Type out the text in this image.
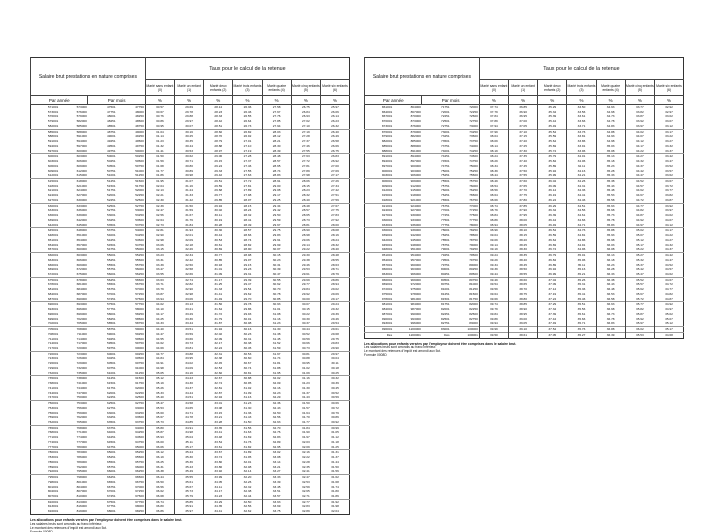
Salaire brut prestations en nature comprises				Taux pour le calcul de la retenue						
				Marié sans enfant (0)	Marié un enfant (1)	Marié deux enfants (2)	Marié trois enfants (3)	Marié quatre enfants (4)	Marié cinq enfants (5)	Marié six enfants (6)
Par année		Par mois		%	%	%	%	%	%	%
571001	573000	47501	47750	30.57	29.69	28.14	26.36	27.58	26.75	25.97
573001	576000	47751	48000	30.67	29.78	28.23	26.46	27.67	26.84	26.06
576001	579000	48001	48250	30.76	29.88	28.33	26.55	27.76	26.93	26.14
579001	582000	48251	48500	30.86	29.97	28.42	26.64	27.85	27.02	26.23
582001	585000	48501	48750	30.95	30.07	28.51	26.73	27.94	27.10	26.32
585001	588000	48751	49000	31.04	30.16	28.60	26.82	28.03	27.19	26.40
588001	591000	49001	49250	31.14	30.25	28.70	26.92	28.12	27.28	26.49
591001	594000	49251	49500	31.23	30.35	28.79	27.01	28.21	27.37	26.58
594001	597000	49501	49750	31.32	30.44	28.88	27.10	28.30	27.46	26.66
597001	600000	49751	50000	31.41	30.53	28.97	27.19	28.39	27.55	26.75
600001	603000	50001	50250	31.50	30.62	29.06	27.28	28.48	27.63	26.83
603001	606000	50251	50500	31.59	30.71	29.15	27.37	28.57	27.72	26.92
606001	609000	50501	50750	31.68	30.80	29.24	27.46	28.65	27.81	27.00
609001	612000	50751	51000	31.77	30.89	29.33	27.55	28.74	27.89	27.09
612001	615000	51001	51250	31.86	30.98	29.42	27.63	28.83	27.98	27.17
615001	618000	51251	51500	31.95	31.07	29.51	27.72	28.91	28.06	27.26
618001	621000	51501	51750	32.04	31.16	29.59	27.81	29.00	28.15	27.34
621001	624000	51751	52000	32.13	31.24	29.68	27.89	29.08	28.23	27.42
624001	627000	52001	52250	32.21	31.33	29.77	27.98	29.17	28.32	27.51
627001	630000	52251	52500	32.30	31.42	29.85	28.07	29.25	28.40	27.59
630001	633000	52501	52750	32.39	31.50	29.94	28.15	29.34	28.48	27.67
633001	636000	52751	53000	32.47	31.59	30.02	28.24	29.42	28.57	27.75
636001	639000	53001	53250	32.56	31.67	30.11	28.32	29.50	28.65	27.83
639001	642000	53251	53500	32.64	31.76	30.19	28.41	29.59	28.73	27.92
642001	645000	53501	53750	32.73	31.84	30.28	28.49	29.67	28.81	28.00
645001	648000	53751	54000	32.81	31.93	30.36	28.57	29.75	28.90	28.08
648001	651000	54001	54250	32.90	32.01	30.44	28.66	29.83	28.98	28.16
651001	654000	54251	54500	32.98	32.09	30.53	28.74	29.91	29.06	28.24
654001	657000	54501	54750	33.06	32.18	30.61	28.82	29.99	29.14	28.32
657001	660000	54751	55000	33.15	32.26	30.69	28.90	30.07	29.22	28.40
660001	663000	55001	55250	33.23	32.34	30.77	28.98	30.15	29.30	28.48
663001	666000	55251	55500	33.31	32.42	30.85	29.07	30.23	29.38	28.55
666001	669000	55501	55750	33.39	32.50	30.93	29.15	30.31	29.46	28.63
669001	672000	55751	56000	33.47	32.58	31.01	29.23	30.39	29.53	28.71
672001	675000	56001	56250	33.55	32.66	31.09	29.31	30.47	29.61	28.79
675001	678000	56251	56500	33.63	32.74	31.17	29.39	30.55	29.69	28.86
678001	681000	56501	56750	33.71	32.82	31.25	29.47	30.62	29.77	28.94
681001	684000	56751	57000	33.79	32.90	31.33	29.54	30.70	29.84	29.02
684001	687000	57001	57250	33.87	32.98	31.41	29.62	30.78	29.92	29.09
687001	690000	57251	57500	33.94	33.06	31.49	29.70	30.85	30.00	29.17
690001	693000	57501	57750	34.02	33.13	31.56	29.78	30.93	30.07	29.24
693001	696000	57751	58000	34.10	33.21	31.64	29.86	31.01	30.15	29.32
696001	699000	58001	58250	34.17	33.29	31.72	29.93	31.08	30.22	29.39
699001	702000	58251	58500	34.25	33.36	31.79	30.01	31.16	30.30	29.46
702001	705000	58501	58750	34.33	33.44	31.87	30.08	31.23	30.37	29.54
705001	708000	58751	59000	34.40	33.51	31.94	30.16	31.30	30.44	29.61
708001	711000	59001	59250	34.47	33.59	32.02	30.23	31.38	30.52	29.68
711001	714000	59251	59500	34.55	33.66	32.09	30.31	31.45	30.59	29.75
714001	717000	59501	59750	34.62	33.73	32.17	30.38	31.52	30.66	29.83
717001	720000	59751	60000	34.69	33.81	32.24	30.45	31.59	30.73	29.90
720001	723000	60001	60250	34.77	33.88	32.31	30.53	31.67	30.81	29.97
723001	726000	60251	60500	34.84	33.95	32.38	30.60	31.74	30.88	30.04
726001	729000	60501	60750	34.91	34.02	32.45	30.67	31.81	30.95	30.11
729001	732000	60751	61000	34.98	34.09	32.53	30.74	31.88	31.02	30.18
732001	735000	61001	61250	35.05	34.16	32.60	30.81	31.95	31.09	30.25
735001	738000	61251	61500	35.12	34.23	32.67	30.88	32.02	31.16	30.32
738001	741000	61501	61750	35.19	34.30	32.74	30.95	32.09	31.23	30.39
741001	744000	61751	62000	35.26	34.37	32.81	31.02	32.16	31.30	30.45
744001	747000	62001	62250	35.33	34.44	32.87	31.09	32.23	31.37	30.52
747001	750000	62251	62500	35.40	34.51	32.94	31.16	32.29	31.43	30.59
750001	753000	62501	62750	35.47	34.58	33.01	31.23	32.36	31.50	30.66
753001	756000	62751	63000	35.53	34.65	33.08	31.30	32.43	31.57	30.72
756001	759000	63001	63250	35.60	34.71	33.15	31.36	32.50	31.64	30.79
759001	762000	63251	63500	35.67	34.78	33.21	31.43	32.56	31.70	30.86
762001	765000	63501	63750	35.73	34.85	33.28	31.50	32.63	31.77	30.92
765001	768000	63751	64000	35.80	34.91	33.35	31.56	32.70	31.84	30.99
768001	771000	64001	64250	35.87	34.98	33.41	31.63	32.76	31.90	31.05
771001	774000	64251	64500	35.93	35.04	33.48	31.69	32.83	31.97	31.12
774001	777000	64501	64750	36.00	35.11	33.54	31.76	32.89	32.03	31.18
777001	780000	64751	65000	36.06	35.17	33.61	31.82	32.95	32.09	31.25
780001	783000	65001	65250	36.12	35.24	33.67	31.89	33.02	32.16	31.31
783001	786000	65251	65500	36.19	35.30	33.74	31.95	33.08	32.22	31.37
786001	789000	65501	65750	36.25	35.36	33.80	32.01	33.14	32.28	31.44
789001	792000	65751	66000	36.31	35.43	33.86	32.08	33.21	32.35	31.50
792001	795000	66001	66250	36.38	35.49	33.92	32.14	33.27	32.41	31.56
795001	798000	66251	66500	36.44	35.55	33.99	32.20	33.33	32.47	31.62
798001	801000	66501	66750	36.50	35.61	34.05	32.26	33.39	32.53	31.68
801001	804000	66751	67000	36.56	35.67	34.11	32.32	33.45	32.59	31.74
804001	807000	67001	67250	36.62	35.73	34.17	32.38	33.51	32.65	31.80
807001	810000	67251	67500	36.68	35.79	34.23	32.44	33.57	32.71	31.86
810001	813000	67501	67750	36.74	35.85	34.29	32.50	33.63	32.77	31.92
813001	816000	67751	68000	36.80	35.91	34.35	32.56	33.69	32.83	31.98
816001	819000	68001	68250	36.86	35.97	34.41	32.62	33.75	32.89	32.04
Les allocations pour enfants versées par l’employeur doivent être comprises dans le salaire brut.
Les salaires bruts sont arrondis au franc inférieur.
Le montant des retenues d’impôt est arrondi aux 5ct.
Formule 0008D
Salaire brut prestations en nature comprises				Taux pour le calcul de la retenue						
				Marié sans enfant (0)	Marié un enfant (1)	Marié deux enfants (2)	Marié trois enfants (3)	Marié quatre enfants (4)	Marié cinq enfants (5)	Marié six enfants (6)
Par année		Par mois		%	%	%	%	%	%	%
861001	864000	71751	72000	37.74	36.85	35.29	33.50	34.63	33.77	32.92
864001	867000	72001	72250	37.79	36.90	35.34	33.56	34.68	33.82	32.97
867001	870000	72251	72500	37.84	36.95	35.39	33.61	34.73	33.87	33.02
870001	873000	72501	72750	37.89	37.00	35.44	33.66	34.78	33.92	33.07
873001	876000	72751	73000	37.94	37.05	35.49	33.71	34.83	33.97	33.12
876001	879000	73001	73250	37.99	37.10	35.54	33.76	34.88	34.02	33.17
879001	882000	73251	73500	38.04	37.15	35.59	33.81	34.93	34.07	33.22
882001	885000	73501	73750	38.09	37.20	35.64	33.86	34.98	34.12	33.27
885001	888000	73751	74000	38.14	37.25	35.69	33.91	35.03	34.17	33.32
888001	891000	74001	74250	38.19	37.30	35.74	33.96	35.08	34.22	33.37
891001	894000	74251	74500	38.24	37.35	35.79	34.01	35.13	34.27	33.42
894001	897000	74501	74750	38.29	37.40	35.84	34.06	35.18	34.32	33.47
897001	900000	74751	75000	38.34	37.45	35.89	34.11	35.23	34.37	33.52
900001	903000	75001	75250	38.39	37.50	35.94	34.16	35.28	34.42	33.57
903001	906000	75251	75500	38.44	37.55	35.99	34.21	35.33	34.47	33.62
906001	909000	75501	75750	38.49	37.60	36.04	34.26	35.38	34.52	33.67
909001	912000	75751	76000	38.54	37.65	36.09	34.31	35.43	34.57	33.72
912001	915000	76001	76250	38.59	37.70	36.14	34.36	35.48	34.62	33.77
915001	918000	76251	76500	38.64	37.75	36.19	34.41	35.53	34.67	33.82
918001	921000	76501	76750	38.69	37.80	36.24	34.46	35.58	34.72	33.87
921001	924000	76751	77000	38.74	37.85	36.29	34.51	35.63	34.77	33.92
924001	927000	77001	77250	38.79	37.90	36.34	34.56	35.68	34.82	33.97
927001	930000	77251	77500	38.84	37.95	36.39	34.61	35.73	34.87	34.02
930001	933000	77501	77750	38.89	38.00	36.44	34.66	35.78	34.92	34.07
933001	936000	77751	78000	38.94	38.05	36.49	34.71	35.83	34.97	34.12
936001	939000	78001	78250	38.99	38.10	36.54	34.76	35.88	35.02	34.17
939001	942000	78251	78500	39.04	38.15	36.59	34.81	35.93	35.07	34.22
942001	945000	78501	78750	39.09	38.20	36.64	34.86	35.98	35.12	34.27
945001	948000	78751	79000	39.14	38.25	36.69	34.91	36.03	35.17	34.32
948001	951000	79001	79250	39.19	38.30	36.74	34.96	36.08	35.22	34.37
951001	954000	79251	79500	39.24	38.35	36.79	35.01	36.13	35.27	34.42
954001	957000	79501	79750	39.29	38.40	36.84	35.06	36.18	35.32	34.47
957001	960000	79751	80000	39.34	38.45	36.89	35.11	36.23	35.37	34.52
960001	963000	80001	80250	39.39	38.50	36.94	35.16	36.28	35.42	34.57
963001	966000	80251	80500	39.44	38.55	36.99	35.21	36.33	35.47	34.62
966001	969000	80501	80750	39.49	38.60	37.04	35.26	36.38	35.52	34.67
969001	972000	80751	81000	39.54	38.65	37.09	35.31	36.43	35.57	34.72
972001	975000	81001	81250	39.59	38.70	37.14	35.36	36.48	35.62	34.77
975001	978000	81251	81500	39.64	38.75	37.19	35.41	36.53	35.67	34.82
978001	981000	81501	81750	39.69	38.80	37.24	35.46	36.58	35.72	34.87
981001	984000	81751	82000	39.74	38.85	37.29	35.51	36.63	35.77	34.92
984001	987000	82001	82250	39.79	38.90	37.34	35.56	36.68	35.82	34.97
987001	990000	82251	82500	39.84	38.95	37.39	35.61	36.73	35.87	35.02
990001	993000	82501	82750	39.89	39.00	37.44	35.66	36.78	35.92	35.07
993001	996000	82751	83000	39.94	39.05	37.49	35.71	36.83	35.97	35.12
996001	1200000	83001	100000	39.99	39.10	37.54	35.76	36.88	36.02	35.17
Dès	1200001	Dès	100001	39.50	38.61	37.05	35.27	36.39	35.53	34.68
Les allocations pour enfants versées par l’employeur doivent être comprises dans le salaire brut.
Les salaires bruts sont arrondis au franc inférieur.
Le montant des retenues d’impôt est arrondi aux 5ct.
Formule 0008D
